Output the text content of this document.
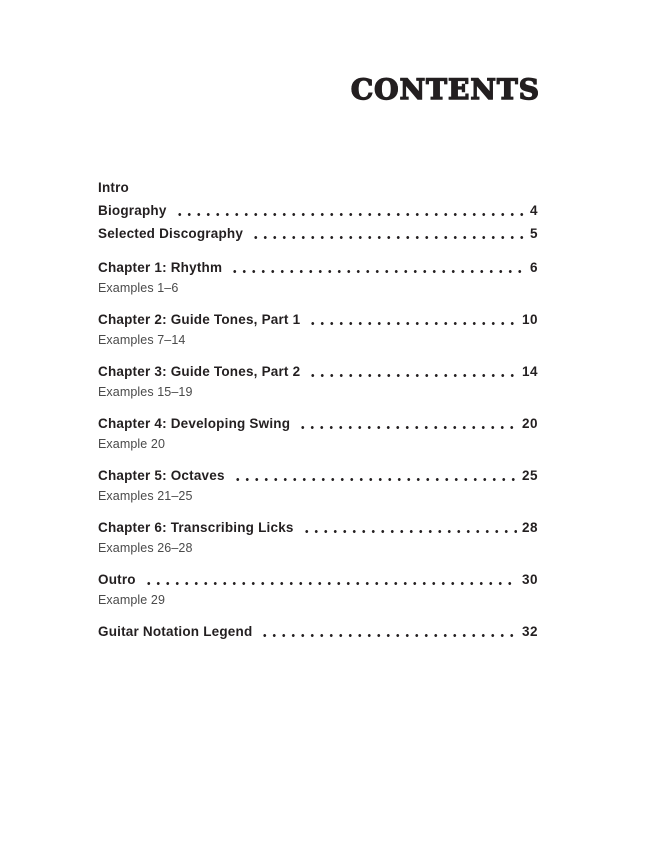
CONTENTS
Intro
Biography	4
Selected Discography	5
Chapter 1: Rhythm	6
Examples 1–6
Chapter 2: Guide Tones, Part 1	10
Examples 7–14
Chapter 3: Guide Tones, Part 2	14
Examples 15–19
Chapter 4: Developing Swing	20
Example 20
Chapter 5: Octaves	25
Examples 21–25
Chapter 6: Transcribing Licks	28
Examples 26–28
Outro	30
Example 29
Guitar Notation Legend	32
